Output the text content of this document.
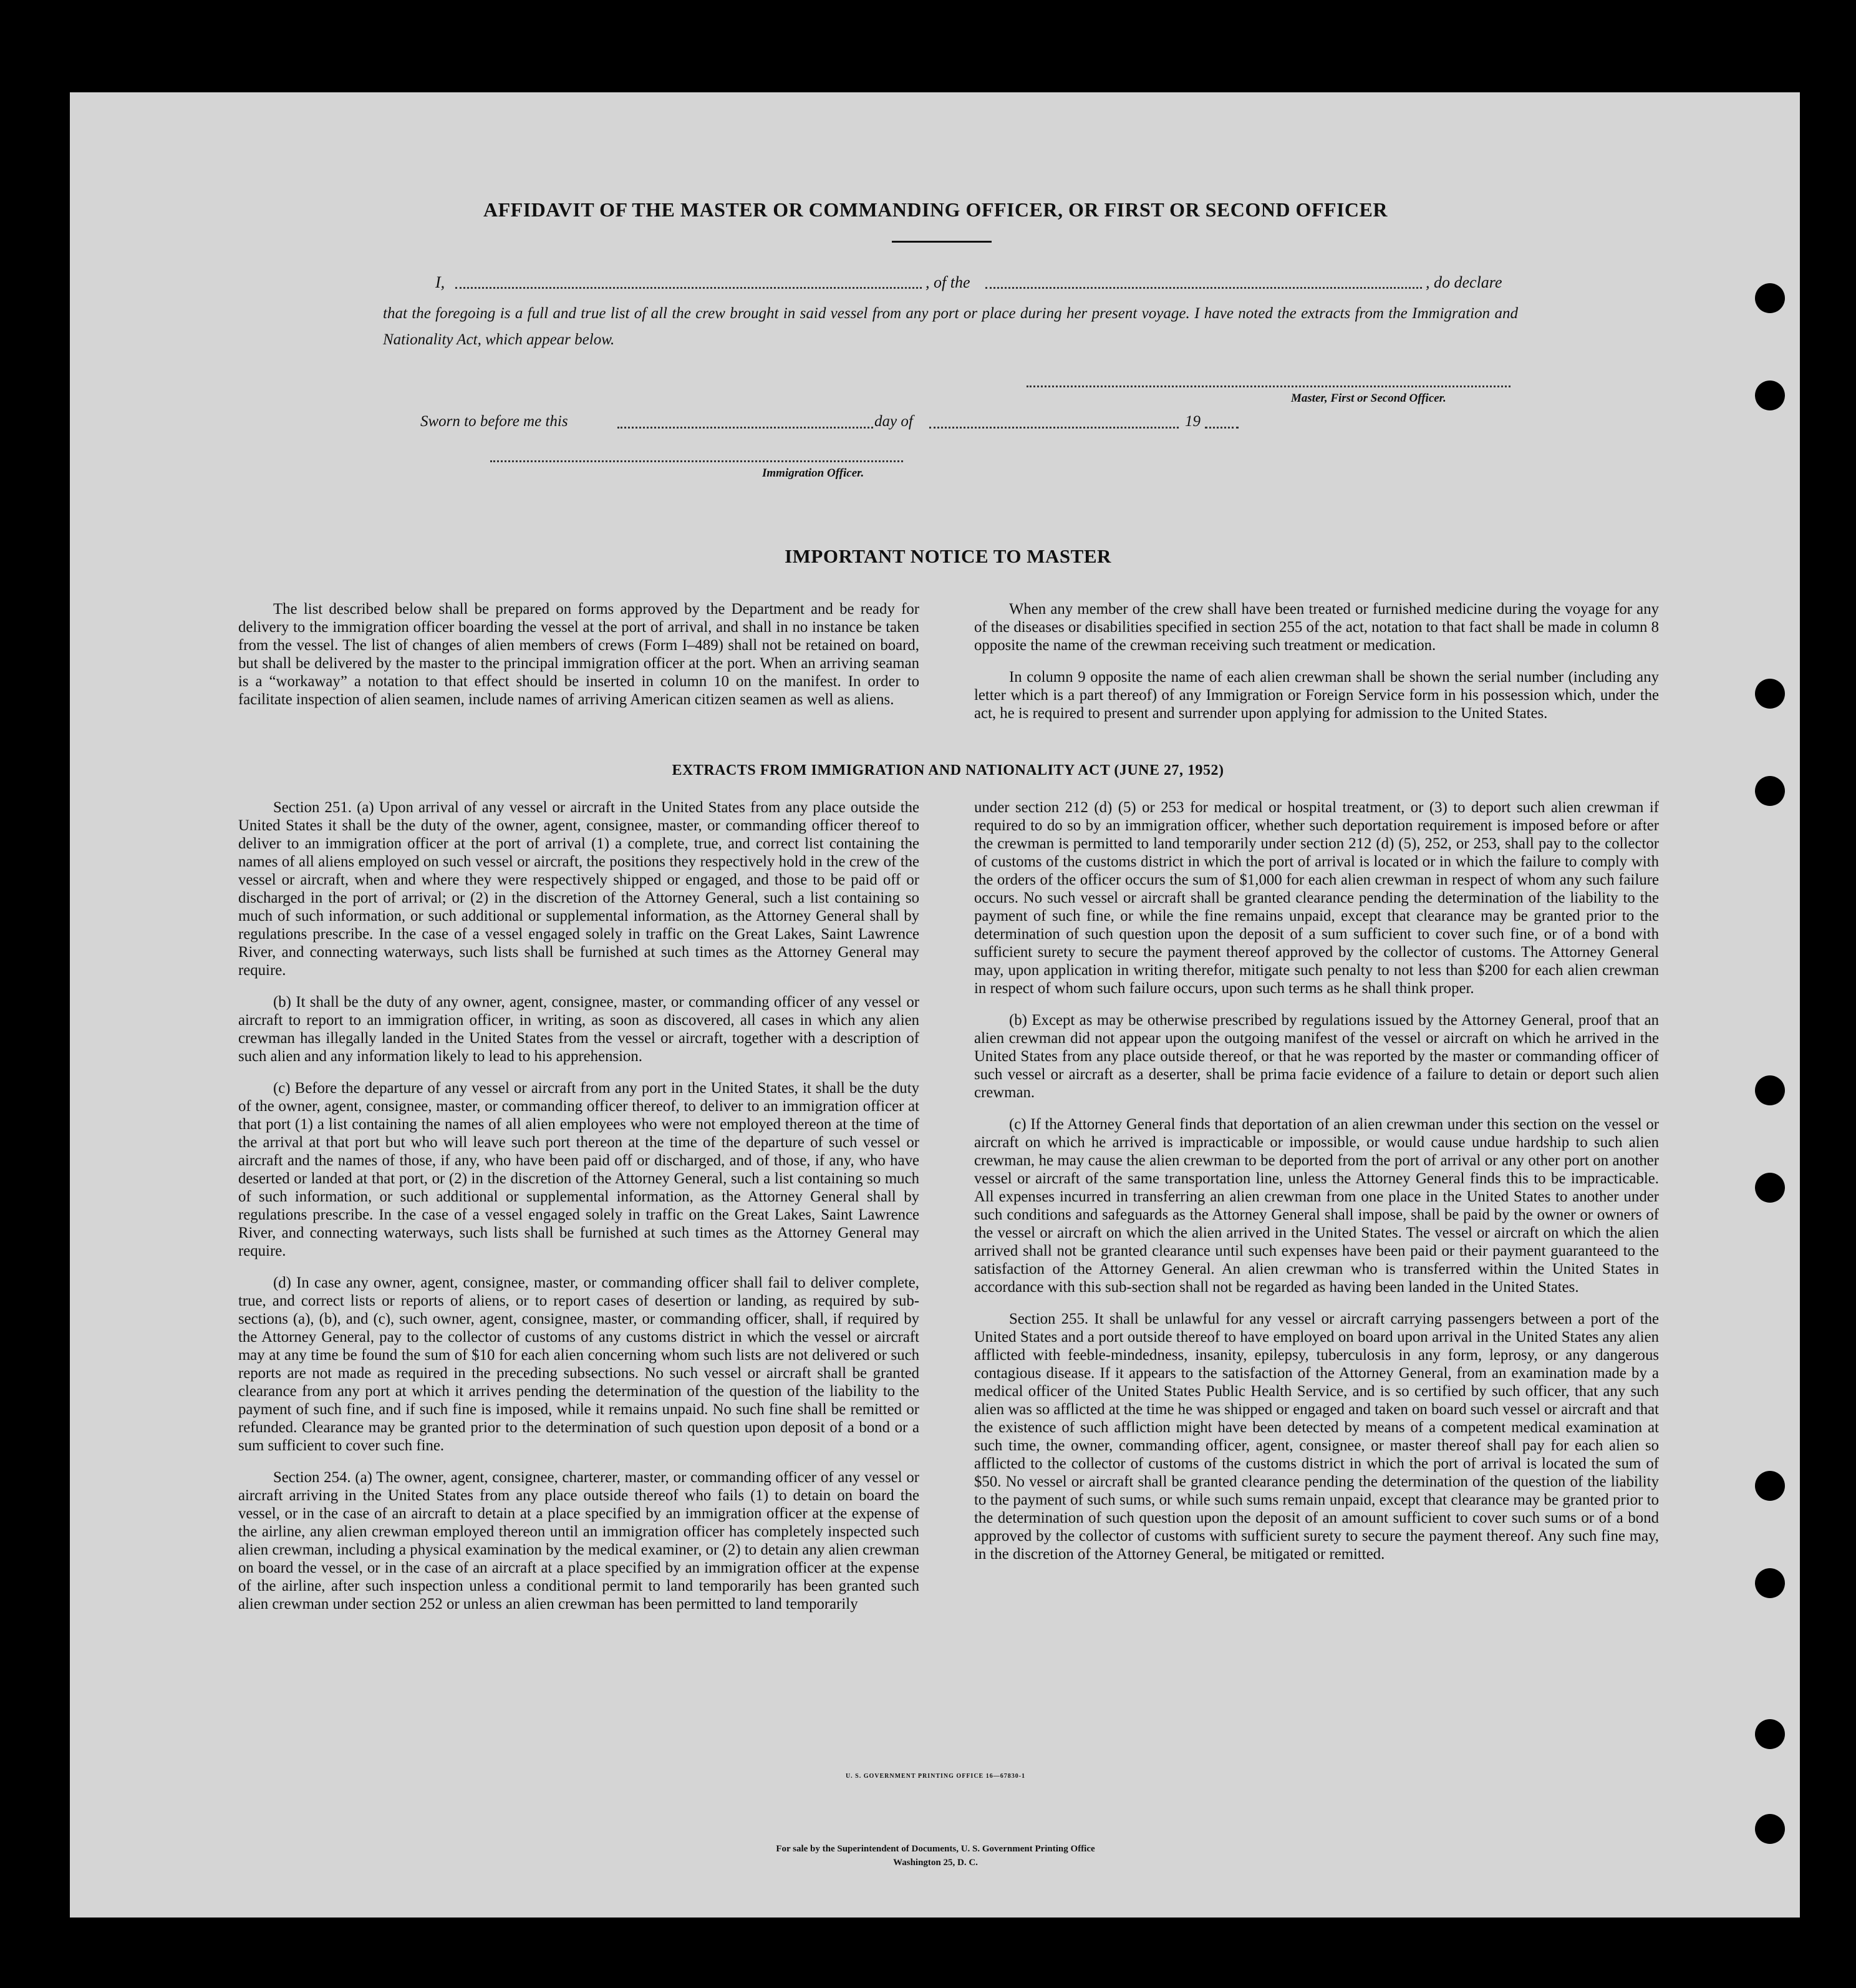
AFFIDAVIT OF THE MASTER OR COMMANDING OFFICER, OR FIRST OR SECOND OFFICER
I,	, of the	, do declare
that the foregoing is a full and true list of all the crew brought in said vessel from any port or place during her present voyage. I have noted the extracts from the Immigration and Nationality Act, which appear below.
Master, First or Second Officer.
Sworn to before me this	day of	19
Immigration Officer.
IMPORTANT NOTICE TO MASTER

The list described below shall be prepared on forms approved by the Department and be ready for delivery to the immigration officer boarding the vessel at the port of arrival, and shall in no instance be taken from the vessel. The list of changes of alien members of crews (Form I–489) shall not be retained on board, but shall be delivered by the master to the principal immigration officer at the port. When an arriving seaman is a “workaway” a notation to that effect should be inserted in column 10 on the manifest. In order to facilitate inspection of alien seamen, include names of arriving American citizen seamen as well as aliens.

When any member of the crew shall have been treated or furnished medicine during the voyage for any of the diseases or disabilities specified in section 255 of the act, notation to that fact shall be made in column 8 opposite the name of the crewman receiving such treatment or medication.

In column 9 opposite the name of each alien crewman shall be shown the serial number (including any letter which is a part thereof) of any Immigration or Foreign Service form in his possession which, under the act, he is required to present and surrender upon applying for admission to the United States.

EXTRACTS FROM IMMIGRATION AND NATIONALITY ACT (JUNE 27, 1952)

Section 251. (a) Upon arrival of any vessel or aircraft in the United States from any place outside the United States it shall be the duty of the owner, agent, consignee, master, or commanding officer thereof to deliver to an immigration officer at the port of arrival (1) a complete, true, and correct list containing the names of all aliens employed on such vessel or aircraft, the positions they respectively hold in the crew of the vessel or aircraft, when and where they were respectively shipped or engaged, and those to be paid off or discharged in the port of arrival; or (2) in the discretion of the Attorney General, such a list containing so much of such information, or such additional or supplemental information, as the Attorney General shall by regulations prescribe. In the case of a vessel engaged solely in traffic on the Great Lakes, Saint Lawrence River, and connecting waterways, such lists shall be furnished at such times as the Attorney General may require.

(b) It shall be the duty of any owner, agent, consignee, master, or commanding officer of any vessel or aircraft to report to an immigration officer, in writing, as soon as discovered, all cases in which any alien crewman has illegally landed in the United States from the vessel or aircraft, together with a description of such alien and any information likely to lead to his apprehension.

(c) Before the departure of any vessel or aircraft from any port in the United States, it shall be the duty of the owner, agent, consignee, master, or commanding officer thereof, to deliver to an immigration officer at that port (1) a list containing the names of all alien employees who were not employed thereon at the time of the arrival at that port but who will leave such port thereon at the time of the departure of such vessel or aircraft and the names of those, if any, who have been paid off or discharged, and of those, if any, who have deserted or landed at that port, or (2) in the discretion of the Attorney General, such a list containing so much of such information, or such additional or supplemental information, as the Attorney General shall by regulations prescribe. In the case of a vessel engaged solely in traffic on the Great Lakes, Saint Lawrence River, and connecting waterways, such lists shall be furnished at such times as the Attorney General may require.

(d) In case any owner, agent, consignee, master, or commanding officer shall fail to deliver complete, true, and correct lists or reports of aliens, or to report cases of desertion or landing, as required by sub-sections (a), (b), and (c), such owner, agent, consignee, master, or commanding officer, shall, if required by the Attorney General, pay to the collector of customs of any customs district in which the vessel or aircraft may at any time be found the sum of $10 for each alien concerning whom such lists are not delivered or such reports are not made as required in the preceding subsections. No such vessel or aircraft shall be granted clearance from any port at which it arrives pending the determination of the question of the liability to the payment of such fine, and if such fine is imposed, while it remains unpaid. No such fine shall be remitted or refunded. Clearance may be granted prior to the determination of such question upon deposit of a bond or a sum sufficient to cover such fine.

Section 254. (a) The owner, agent, consignee, charterer, master, or commanding officer of any vessel or aircraft arriving in the United States from any place outside thereof who fails (1) to detain on board the vessel, or in the case of an aircraft to detain at a place specified by an immigration officer at the expense of the airline, any alien crewman employed thereon until an immigration officer has completely inspected such alien crewman, including a physical examination by the medical examiner, or (2) to detain any alien crewman on board the vessel, or in the case of an aircraft at a place specified by an immigration officer at the expense of the airline, after such inspection unless a conditional permit to land temporarily has been granted such alien crewman under section 252 or unless an alien crewman has been permitted to land temporarily

under section 212 (d) (5) or 253 for medical or hospital treatment, or (3) to deport such alien crewman if required to do so by an immigration officer, whether such deportation requirement is imposed before or after the crewman is permitted to land temporarily under section 212 (d) (5), 252, or 253, shall pay to the collector of customs of the customs district in which the port of arrival is located or in which the failure to comply with the orders of the officer occurs the sum of $1,000 for each alien crewman in respect of whom any such failure occurs. No such vessel or aircraft shall be granted clearance pending the determination of the liability to the payment of such fine, or while the fine remains unpaid, except that clearance may be granted prior to the determination of such question upon the deposit of a sum sufficient to cover such fine, or of a bond with sufficient surety to secure the payment thereof approved by the collector of customs. The Attorney General may, upon application in writing therefor, mitigate such penalty to not less than $200 for each alien crewman in respect of whom such failure occurs, upon such terms as he shall think proper.

(b) Except as may be otherwise prescribed by regulations issued by the Attorney General, proof that an alien crewman did not appear upon the outgoing manifest of the vessel or aircraft on which he arrived in the United States from any place outside thereof, or that he was reported by the master or commanding officer of such vessel or aircraft as a deserter, shall be prima facie evidence of a failure to detain or deport such alien crewman.

(c) If the Attorney General finds that deportation of an alien crewman under this section on the vessel or aircraft on which he arrived is impracticable or impossible, or would cause undue hardship to such alien crewman, he may cause the alien crewman to be deported from the port of arrival or any other port on another vessel or aircraft of the same transportation line, unless the Attorney General finds this to be impracticable. All expenses incurred in transferring an alien crewman from one place in the United States to another under such conditions and safeguards as the Attorney General shall impose, shall be paid by the owner or owners of the vessel or aircraft on which the alien arrived in the United States. The vessel or aircraft on which the alien arrived shall not be granted clearance until such expenses have been paid or their payment guaranteed to the satisfaction of the Attorney General. An alien crewman who is transferred within the United States in accordance with this sub-section shall not be regarded as having been landed in the United States.

Section 255. It shall be unlawful for any vessel or aircraft carrying passengers between a port of the United States and a port outside thereof to have employed on board upon arrival in the United States any alien afflicted with feeble-mindedness, insanity, epilepsy, tuberculosis in any form, leprosy, or any dangerous contagious disease. If it appears to the satisfaction of the Attorney General, from an examination made by a medical officer of the United States Public Health Service, and is so certified by such officer, that any such alien was so afflicted at the time he was shipped or engaged and taken on board such vessel or aircraft and that the existence of such affliction might have been detected by means of a competent medical examination at such time, the owner, commanding officer, agent, consignee, or master thereof shall pay for each alien so afflicted to the collector of customs of the customs district in which the port of arrival is located the sum of $50. No vessel or aircraft shall be granted clearance pending the determination of the question of the liability to the payment of such sums, or while such sums remain unpaid, except that clearance may be granted prior to the determination of such question upon the deposit of an amount sufficient to cover such sums or of a bond approved by the collector of customs with sufficient surety to secure the payment thereof. Any such fine may, in the discretion of the Attorney General, be mitigated or remitted.

U. S. GOVERNMENT PRINTING OFFICE 16—67830-1
For sale by the Superintendent of Documents, U. S. Government Printing Office
Washington 25, D. C.
